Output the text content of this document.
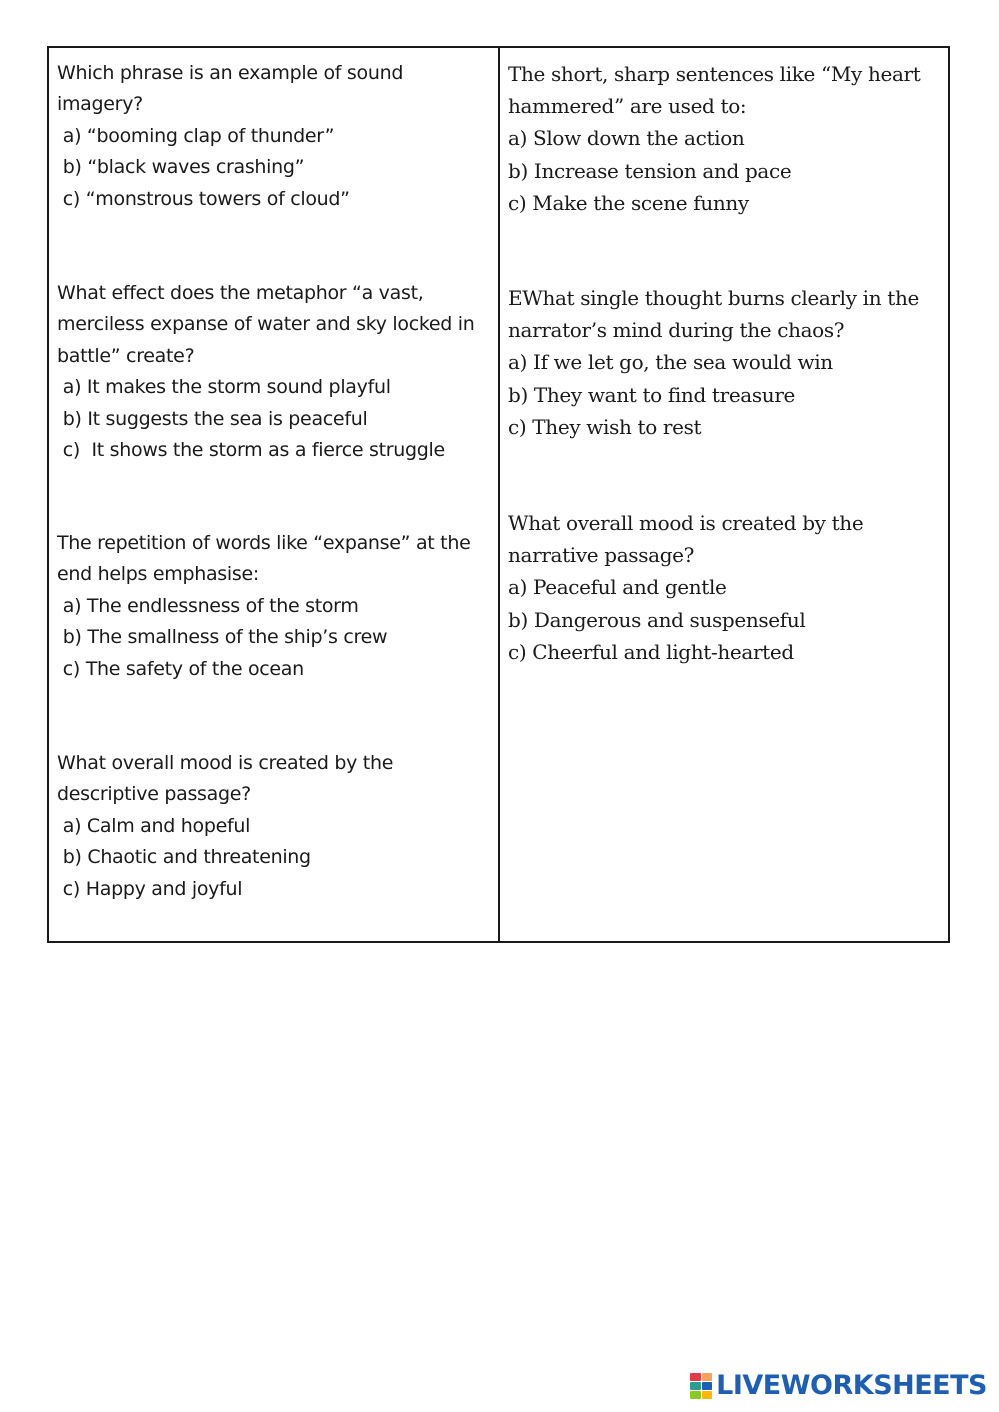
Which phrase is an example of sound imagery?
a) “booming clap of thunder”
b) “black waves crashing”
c) “monstrous towers of cloud”
What effect does the metaphor “a vast, merciless expanse of water and sky locked in battle” create?
a) It makes the storm sound playful
b) It suggests the sea is peaceful
c)  It shows the storm as a fierce struggle
The repetition of words like “expanse” at the end helps emphasise:
a) The endlessness of the storm
b) The smallness of the ship’s crew
c) The safety of the ocean
What overall mood is created by the descriptive passage?
a) Calm and hopeful
b) Chaotic and threatening
c) Happy and joyful
The short, sharp sentences like “My heart hammered” are used to:
a) Slow down the action
b) Increase tension and pace
c) Make the scene funny
EWhat single thought burns clearly in the narrator’s mind during the chaos?
a) If we let go, the sea would win
b) They want to find treasure
c) They wish to rest
What overall mood is created by the narrative passage?
a) Peaceful and gentle
b) Dangerous and suspenseful
c) Cheerful and light-hearted
LIVEWORKSHEETS
